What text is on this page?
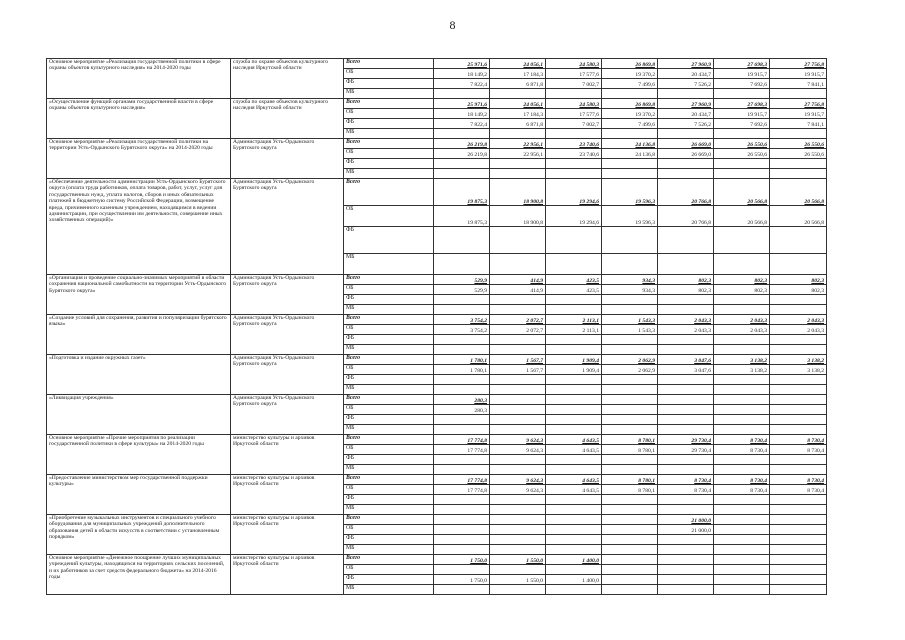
8
Основное мероприятие «Реализация государственной политики в сфере охраны объектов культурного наследия» на 2014-2020 годы	служба по охране объектов культурного наследия Иркутской области	Всего	25 971,6	24 056,1	24 580,3	26 869,8	27 960,9	27 698,3	27 756,8
		ОБ	18 149,2	17 184,3	17 577,6	19 370,2	20 434,7	19 915,7	19 915,7
		ФБ	7 822,4	6 871,8	7 002,7	7 499,6	7 526,2	7 692,6	7 841,1
		МБ							
«Осуществление функций органами государственной власти в сфере охраны объектов культурного наследия»	служба по охране объектов культурного наследия Иркутской области	Всего	25 971,6	24 056,1	24 580,3	26 869,8	27 960,9	27 698,3	27 756,8
		ОБ	18 149,2	17 184,3	17 577,6	19 370,2	20 434,7	19 915,7	19 915,7
		ФБ	7 822,4	6 871,8	7 002,7	7 499,6	7 526,2	7 692,6	7 841,1
		МБ							
Основное мероприятие «Реализация государственной политики на территории Усть-Ордынского Бурятского округа» на 2014-2020 годы	Администрация Усть-Ордынского Бурятского округа	Всего	26 219,8	22 956,1	23 740,6	24 136,8	26 669,0	26 550,6	26 550,6
		ОБ	26 219,8	22 956,1	23 740,6	24 136,8	26 669,0	26 550,6	26 550,6
		ФБ							
		МБ							
«Обеспечение деятельности администрации Усть-Ордынского Бурятского округа (оплата труда работников, оплата товаров, работ, услуг, услуг для государственных нужд, уплата налогов, сборов и иных обязательных платежей в бюджетную систему Российской Федерации, возмещение вреда, причиненного казенным учреждением, находящимся в ведении администрации, при осуществлении им деятельности, совершение иных хозяйственных операций)»	Администрация Усть-Ордынского Бурятского округа	Всего	19 875,3	18 900,8	19 294,6	19 596,3	20 766,8	20 566,8	20 566,8
		ОБ	19 875,3	18 900,8	19 294,6	19 596,3	20 766,8	20 566,8	20 566,8
		ФБ							
		МБ							
«Организация и проведение социально-значимых мероприятий в области сохранения национальной самобытности на территории Усть-Ордынского Бурятского округа»	Администрация Усть-Ордынского Бурятского округа	Всего	529,9	414,9	423,5	934,3	802,3	802,3	802,3
		ОБ	529,9	414,9	423,5	934,3	802,3	802,3	802,3
		ФБ							
		МБ							
«Создание условий для сохранения, развития и популяризации бурятского языка»	Администрация Усть-Ордынского Бурятского округа	Всего	3 754,2	2 072,7	2 113,1	1 543,3	2 043,3	2 043,3	2 043,3
		ОБ	3 754,2	2 072,7	2 113,1	1 543,3	2 043,3	2 043,3	2 043,3
		ФБ							
		МБ							
«Подготовка и издание окружных газет»	Администрация Усть-Ордынского Бурятского округа	Всего	1 780,1	1 567,7	1 909,4	2 062,9	3 047,6	3 138,2	3 138,2
		ОБ	1 780,1	1 567,7	1 909,4	2 062,9	3 047,6	3 138,2	3 138,2
		ФБ							
		МБ							
«Ликвидация учреждения»	Администрация Усть-Ордынского Бурятского округа	Всего	280,3						
		ОБ	280,3						
		ФБ							
		МБ							
Основное мероприятие «Прочие мероприятия по реализации государственной политики в сфере культуры» на 2014-2020 годы	министерство культуры и архивов Иркутской области	Всего	17 774,8	9 624,3	4 643,5	8 780,1	29 730,4	8 730,4	8 730,4
		ОБ	17 774,8	9 624,3	4 643,5	8 780,1	29 730,4	8 730,4	8 730,4
		ФБ							
		МБ							
«Предоставление министерством мер государственной поддержки культуры»	министерство культуры и архивов Иркутской области	Всего	17 774,8	9 624,3	4 643,5	8 780,1	8 730,4	8 730,4	8 730,4
		ОБ	17 774,8	9 624,3	4 643,5	8 780,1	8 730,4	8 730,4	8 730,4
		ФБ							
		МБ							
«Приобретение музыкальных инструментов и специального учебного оборудования для муниципальных учреждений дополнительного образования детей в области искусств в соответствии с установленным порядком»	министерство культуры и архивов Иркутской области	Всего					21 000,0		
		ОБ					21 000,0		
		ФБ							
		МБ							
Основное мероприятие «Денежное поощрение лучших муниципальных учреждений культуры, находящихся на территориях сельских поселений, и их работников за счет средств федерального бюджета» на 2014-2016 годы	министерство культуры и архивов Иркутской области	Всего	1 750,0	1 550,0	1 400,0				
		ОБ							
		ФБ	1 750,0	1 550,0	1 400,0				
		МБ							
